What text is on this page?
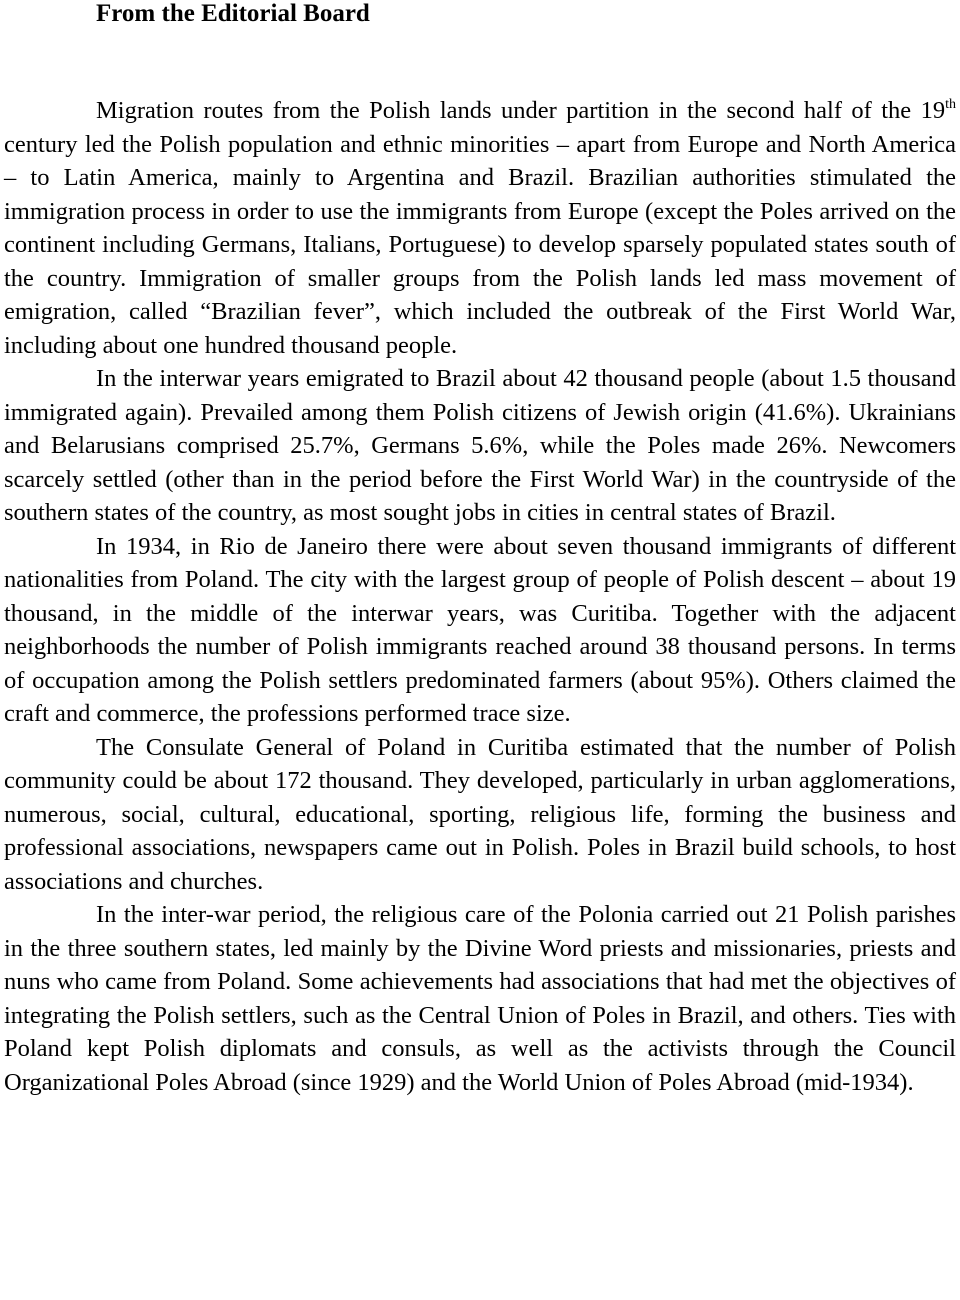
From the Editorial Board

Migration routes from the Polish lands under partition in the second half of the 19th century led the Polish population and ethnic minorities – apart from Europe and North America – to Latin America, mainly to Argentina and Brazil. Brazilian authorities stimulated the immigration process in order to use the immigrants from Europe (except the Poles arrived on the continent including Germans, Italians, Portuguese) to develop sparsely populated states south of the country. Immigration of smaller groups from the Polish lands led mass movement of emigration, called “Brazilian fever”, which included the outbreak of the First World War, including about one hundred thousand people.

In the interwar years emigrated to Brazil about 42 thousand people (about 1.5 thousand immigrated again). Prevailed among them Polish citizens of Jewish origin (41.6%). Ukrainians and Belarusians comprised 25.7%, Germans 5.6%, while the Poles made 26%. Newcomers scarcely settled (other than in the period before the First World War) in the countryside of the southern states of the country, as most sought jobs in cities in central states of Brazil.

In 1934, in Rio de Janeiro there were about seven thousand immigrants of different nationalities from Poland. The city with the largest group of people of Polish descent – about 19 thousand, in the middle of the interwar years, was Curitiba. Together with the adjacent neighborhoods the number of Polish immigrants reached around 38 thousand persons. In terms of occupation among the Polish settlers predominated farmers (about 95%). Others claimed the craft and commerce, the professions performed trace size.

The Consulate General of Poland in Curitiba estimated that the number of Polish community could be about 172 thousand. They developed, particularly in urban agglomerations, numerous, social, cultural, educational, sporting, religious life, forming the business and professional associations, newspapers came out in Polish. Poles in Brazil build schools, to host associations and churches.

In the inter-war period, the religious care of the Polonia carried out 21 Polish parishes in the three southern states, led mainly by the Divine Word priests and missionaries, priests and nuns who came from Poland. Some achievements had associations that had met the objectives of integrating the Polish settlers, such as the Central Union of Poles in Brazil, and others. Ties with Poland kept Polish diplomats and consuls, as well as the activists through the Council Organizational Poles Abroad (since 1929) and the World Union of Poles Abroad (mid-1934).
